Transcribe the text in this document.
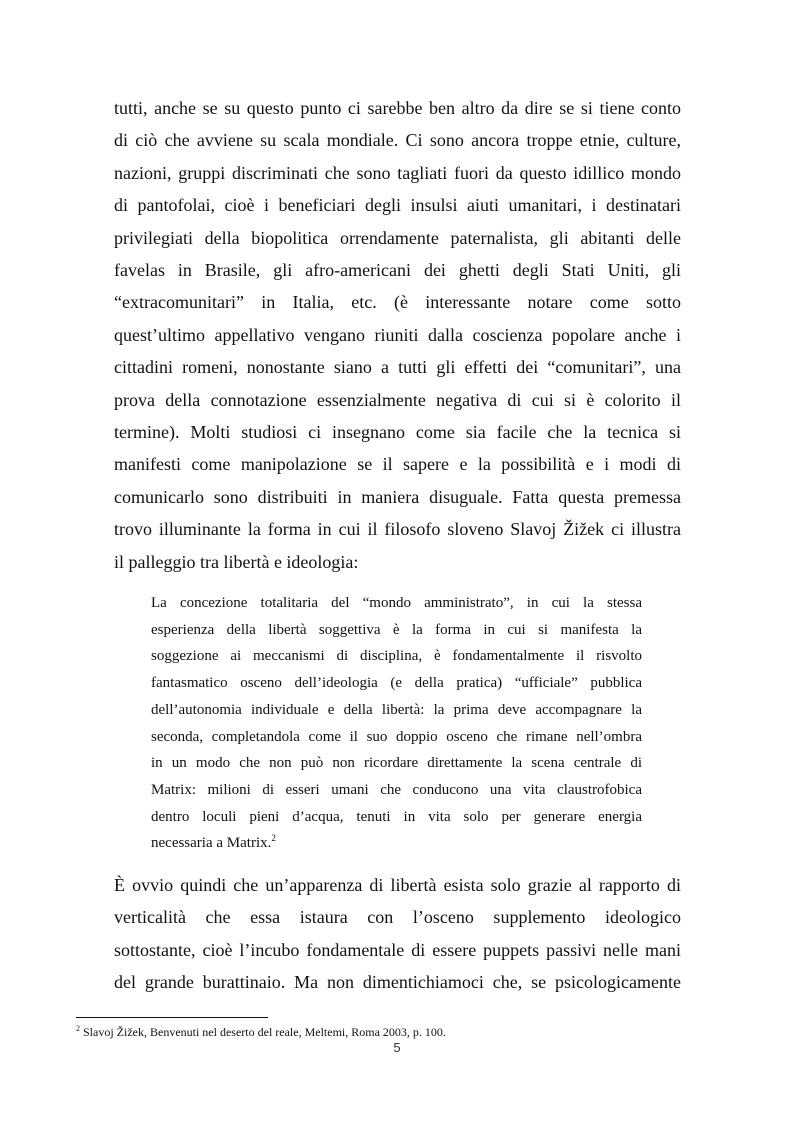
tutti, anche se su questo punto ci sarebbe ben altro da dire se si tiene conto
di ciò che avviene su scala mondiale. Ci sono ancora troppe etnie, culture,
nazioni, gruppi discriminati che sono tagliati fuori da questo idillico mondo
di pantofolai, cioè i beneficiari degli insulsi aiuti umanitari, i destinatari
privilegiati della biopolitica orrendamente paternalista, gli abitanti delle
favelas in Brasile, gli afro-americani dei ghetti degli Stati Uniti, gli
“extracomunitari” in Italia, etc. (è interessante notare come sotto
quest’ultimo appellativo vengano riuniti dalla coscienza popolare anche i
cittadini romeni, nonostante siano a tutti gli effetti dei “comunitari”, una
prova della connotazione essenzialmente negativa di cui si è colorito il
termine). Molti studiosi ci insegnano come sia facile che la tecnica si
manifesti come manipolazione se il sapere e la possibilità e i modi di
comunicarlo sono distribuiti in maniera disuguale. Fatta questa premessa
trovo illuminante la forma in cui il filosofo sloveno Slavoj Žižek ci illustra
il palleggio tra libertà e ideologia:
La concezione totalitaria del “mondo amministrato”, in cui la stessa
esperienza della libertà soggettiva è la forma in cui si manifesta la
soggezione ai meccanismi di disciplina, è fondamentalmente il risvolto
fantasmatico osceno dell’ideologia (e della pratica) “ufficiale” pubblica
dell’autonomia individuale e della libertà: la prima deve accompagnare la
seconda, completandola come il suo doppio osceno che rimane nell’ombra
in un modo che non può non ricordare direttamente la scena centrale di
Matrix: milioni di esseri umani che conducono una vita claustrofobica
dentro loculi pieni d’acqua, tenuti in vita solo per generare energia
necessaria a Matrix.$^2$
È ovvio quindi che un’apparenza di libertà esista solo grazie al rapporto di
verticalità che essa istaura con l’osceno supplemento ideologico
sottostante, cioè l’incubo fondamentale di essere puppets passivi nelle mani
del grande burattinaio. Ma non dimentichiamoci che, se psicologicamente

$^2$ Slavoj Žižek, Benvenuti nel deserto del reale, Meltemi, Roma 2003, p. 100.

5
